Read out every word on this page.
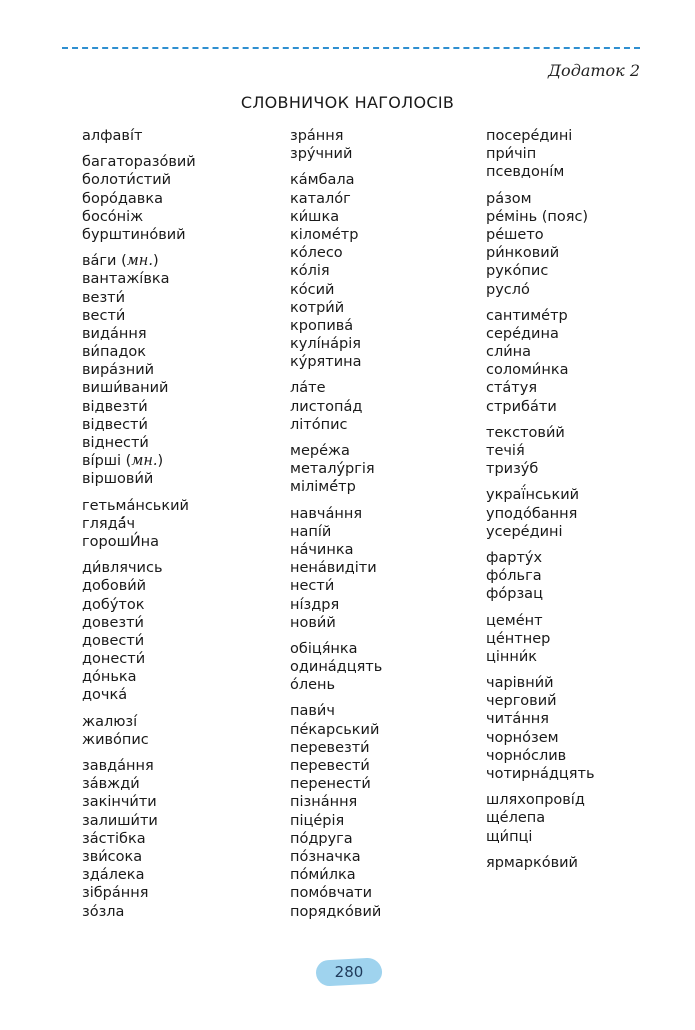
Додаток 2
СЛОВНИЧОК НАГОЛОСІВ
алфаві́т
багаторазо́вий
болоти́стий
боро́давка
босо́ніж
бурштино́вий
ва́ги (мн.)
вантажі́вка
везти́
вести́
вида́ння
ви́падок
вира́зний
виши́ваний
відвезти́
відвести́
віднести́
ві́рші (мн.)
віршови́й
гетьма́нський
глядá́ч
горошИ́на
ди́влячись
добови́й
добу́ток
довезти́
довести́
донести́
до́нька
дочка́
жалюзі́
живо́пис
завда́ння
за́вжди́
закінчи́ти
залиши́ти
за́стібка
зви́сока
зда́лека
зібра́ння
зо́зла
зра́ння
зру́чний
ка́мбала
катало́г
ки́шка
кіломе́тр
ко́лесо
ко́лія
ко́сий
котри́й
кропива́
кулі́на́рія
ку́рятина
ла́те
листопа́д
літо́пис
мере́жа
металу́ргія
мілімé́тр
навча́ння
напі́й
на́чинка
нена́видіти
нести́
ні́здря
нови́й
обіця́нка
одина́дцять
о́лень
пави́ч
пе́карський
перевезти́
перевести́
перенести́
пізна́ння
піце́рія
по́друга
по́значка
по́ми́лка
помо́вчати
порядко́вий
посере́дині
при́чіп
псевдоні́м
ра́зом
ре́мінь (пояс)
ре́шето
ри́нковий
руко́пис
русло́
сантиме́тр
сере́дина
сли́на
соломи́нка
ста́туя
стриба́ти
текстови́й
течія́
тризу́б
украї́нський
уподо́бання
усере́дині
фарту́х
фо́льга
фо́рзац
цеме́нт
це́нтнер
цінни́к
чарівни́й
черговий́
чита́ння
чорно́зем
чорно́слив
чотирна́дцять
шляхопрові́д
ще́лепа
щи́пці
ярмарко́вий
280
